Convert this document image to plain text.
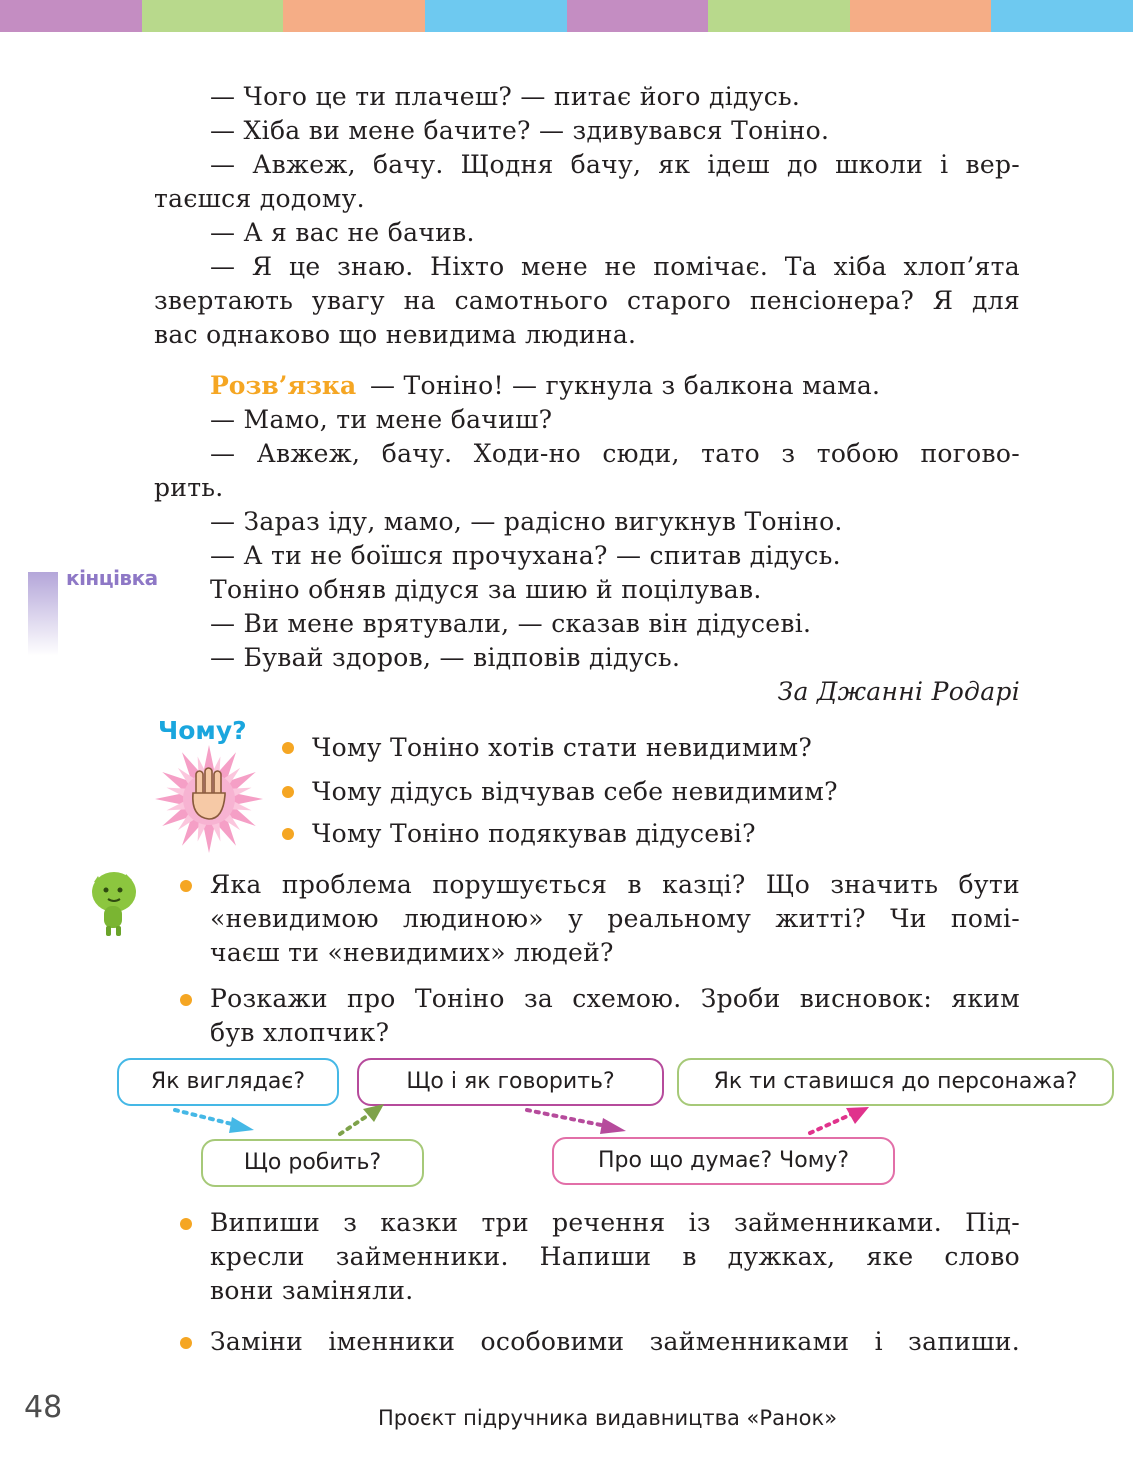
— Чого це ти плачеш? — питає його дідусь.
— Хіба ви мене бачите? — здивувався Тоніно.
— Авжеж, бачу. Щодня бачу, як ідеш до школи і вер-
таєшся додому.
— А я вас не бачив.
— Я це знаю. Ніхто мене не помічає. Та хіба хлоп’ята
звертають увагу на самотнього старого пенсіонера? Я для
вас однаково що невидима людина.
Розв’язка — Тоніно! — гукнула з балкона мама.
— Мамо, ти мене бачиш?
— Авжеж, бачу. Ходи-но сюди, тато з тобою погово-
рить.
— Зараз іду, мамо, — радісно вигукнув Тоніно.
— А ти не боїшся прочухана? — спитав дідусь.
Тоніно обняв дідуся за шию й поцілував.
— Ви мене врятували, — сказав він дідусеві.
— Бувай здоров, — відповів дідусь.
За Джанні Родарі
кінцівка
Чому?
Чому Тоніно хотів стати невидимим?
Чому дідусь відчував себе невидимим?
Чому Тоніно подякував дідусеві?
Яка проблема порушується в казці? Що значить бути
«невидимою людиною» у реальному житті? Чи помі-
чаєш ти «невидимих» людей?
Розкажи про Тоніно за схемою. Зроби висновок: яким
був хлопчик?
Як виглядає?	Що і як говорить?	Як ти ставишся до персонажа?
Що робить?	Про що думає? Чому?
Випиши з казки три речення із займенниками. Під-
кресли займенники. Напиши в дужках, яке слово
вони заміняли.
Заміни іменники особовими займенниками і запиши.
48	Проєкт підручника видавництва «Ранок»
